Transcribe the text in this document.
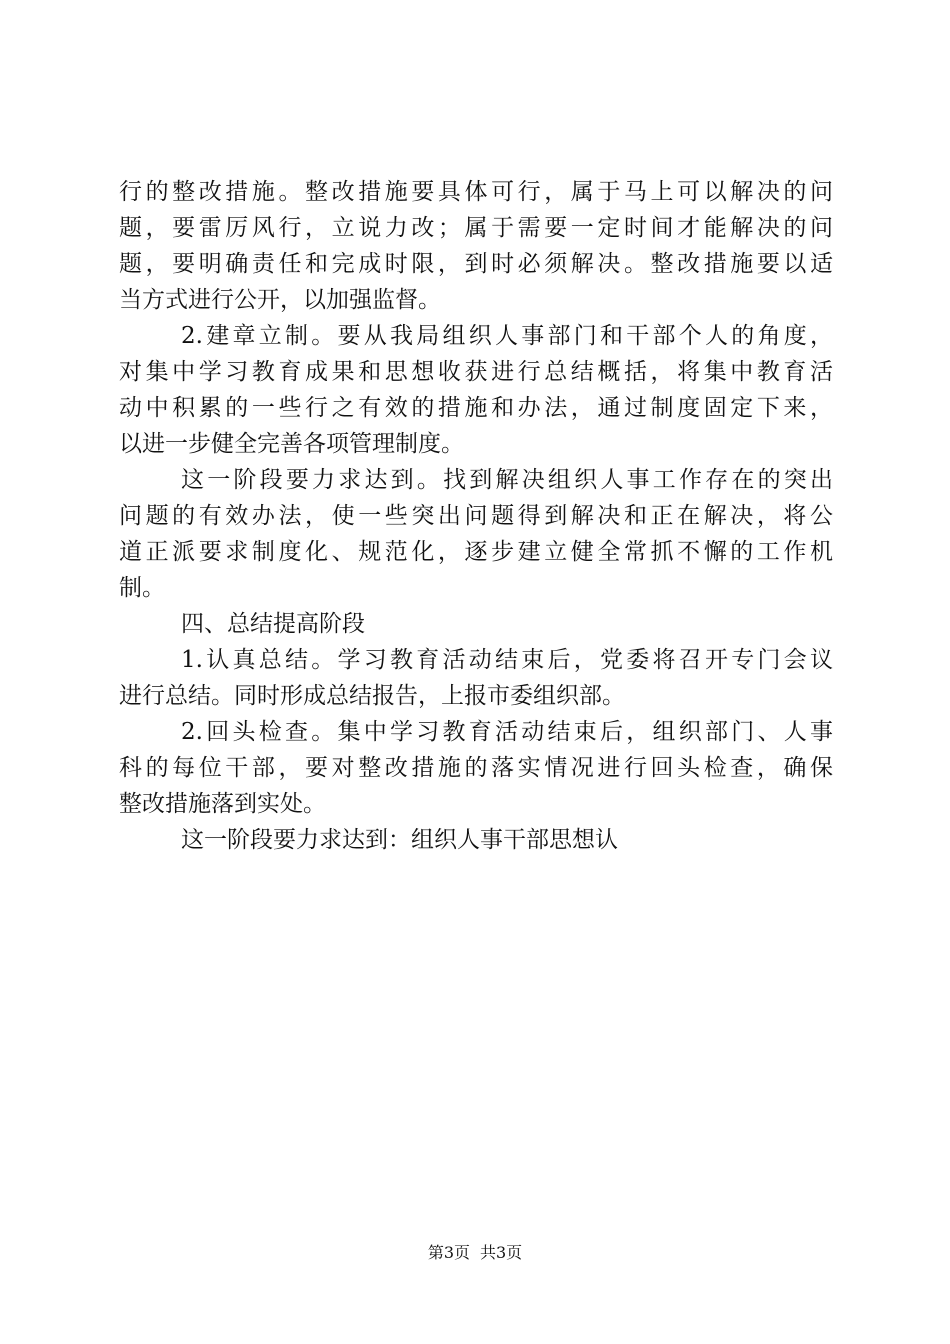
行的整改措施。整改措施要具体可行，属于马上可以解决的问
题，要雷厉风行，立说力改；属于需要一定时间才能解决的问
题，要明确责任和完成时限，到时必须解决。整改措施要以适
当方式进行公开，以加强监督。
2.建章立制。要从我局组织人事部门和干部个人的角度，
对集中学习教育成果和思想收获进行总结概括，将集中教育活
动中积累的一些行之有效的措施和办法，通过制度固定下来，
以进一步健全完善各项管理制度。
这一阶段要力求达到。找到解决组织人事工作存在的突出
问题的有效办法，使一些突出问题得到解决和正在解决，将公
道正派要求制度化、规范化，逐步建立健全常抓不懈的工作机
制。
四、总结提高阶段
1.认真总结。学习教育活动结束后，党委将召开专门会议
进行总结。同时形成总结报告，上报市委组织部。
2.回头检查。集中学习教育活动结束后，组织部门、人事
科的每位干部，要对整改措施的落实情况进行回头检查，确保
整改措施落到实处。
这一阶段要力求达到：组织人事干部思想认
第3页 共3页
